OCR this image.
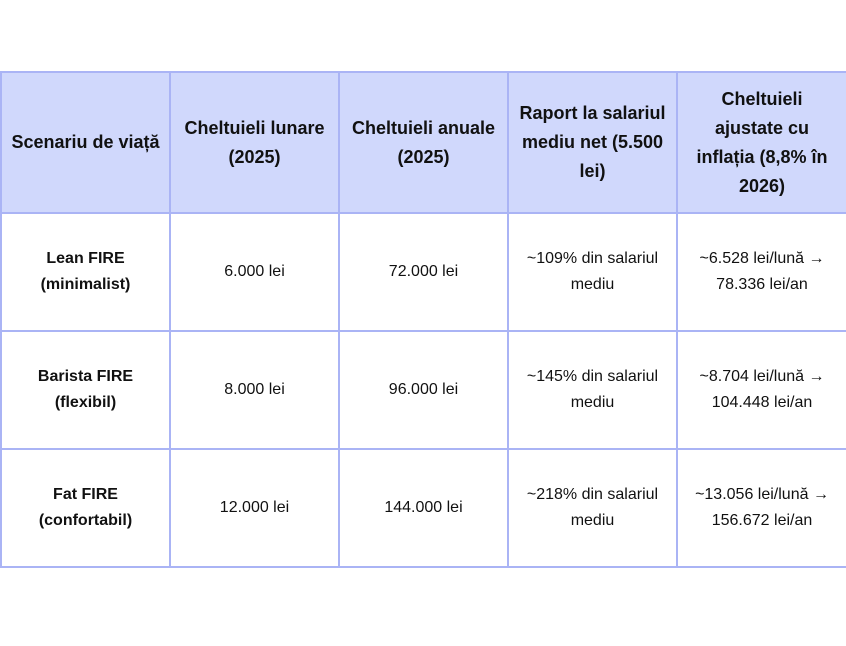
Scenariu de viață	Cheltuieli lunare (2025)	Cheltuieli anuale (2025)	Raport la salariul mediu net (5.500 lei)	Cheltuieli ajustate cu inflația (8,8% în 2026)
Lean FIRE (minimalist)	6.000 lei	72.000 lei	~109% din salariul mediu	~6.528 lei/lună → 78.336 lei/an
Barista FIRE (flexibil)	8.000 lei	96.000 lei	~145% din salariul mediu	~8.704 lei/lună → 104.448 lei/an
Fat FIRE (confortabil)	12.000 lei	144.000 lei	~218% din salariul mediu	~13.056 lei/lună → 156.672 lei/an
